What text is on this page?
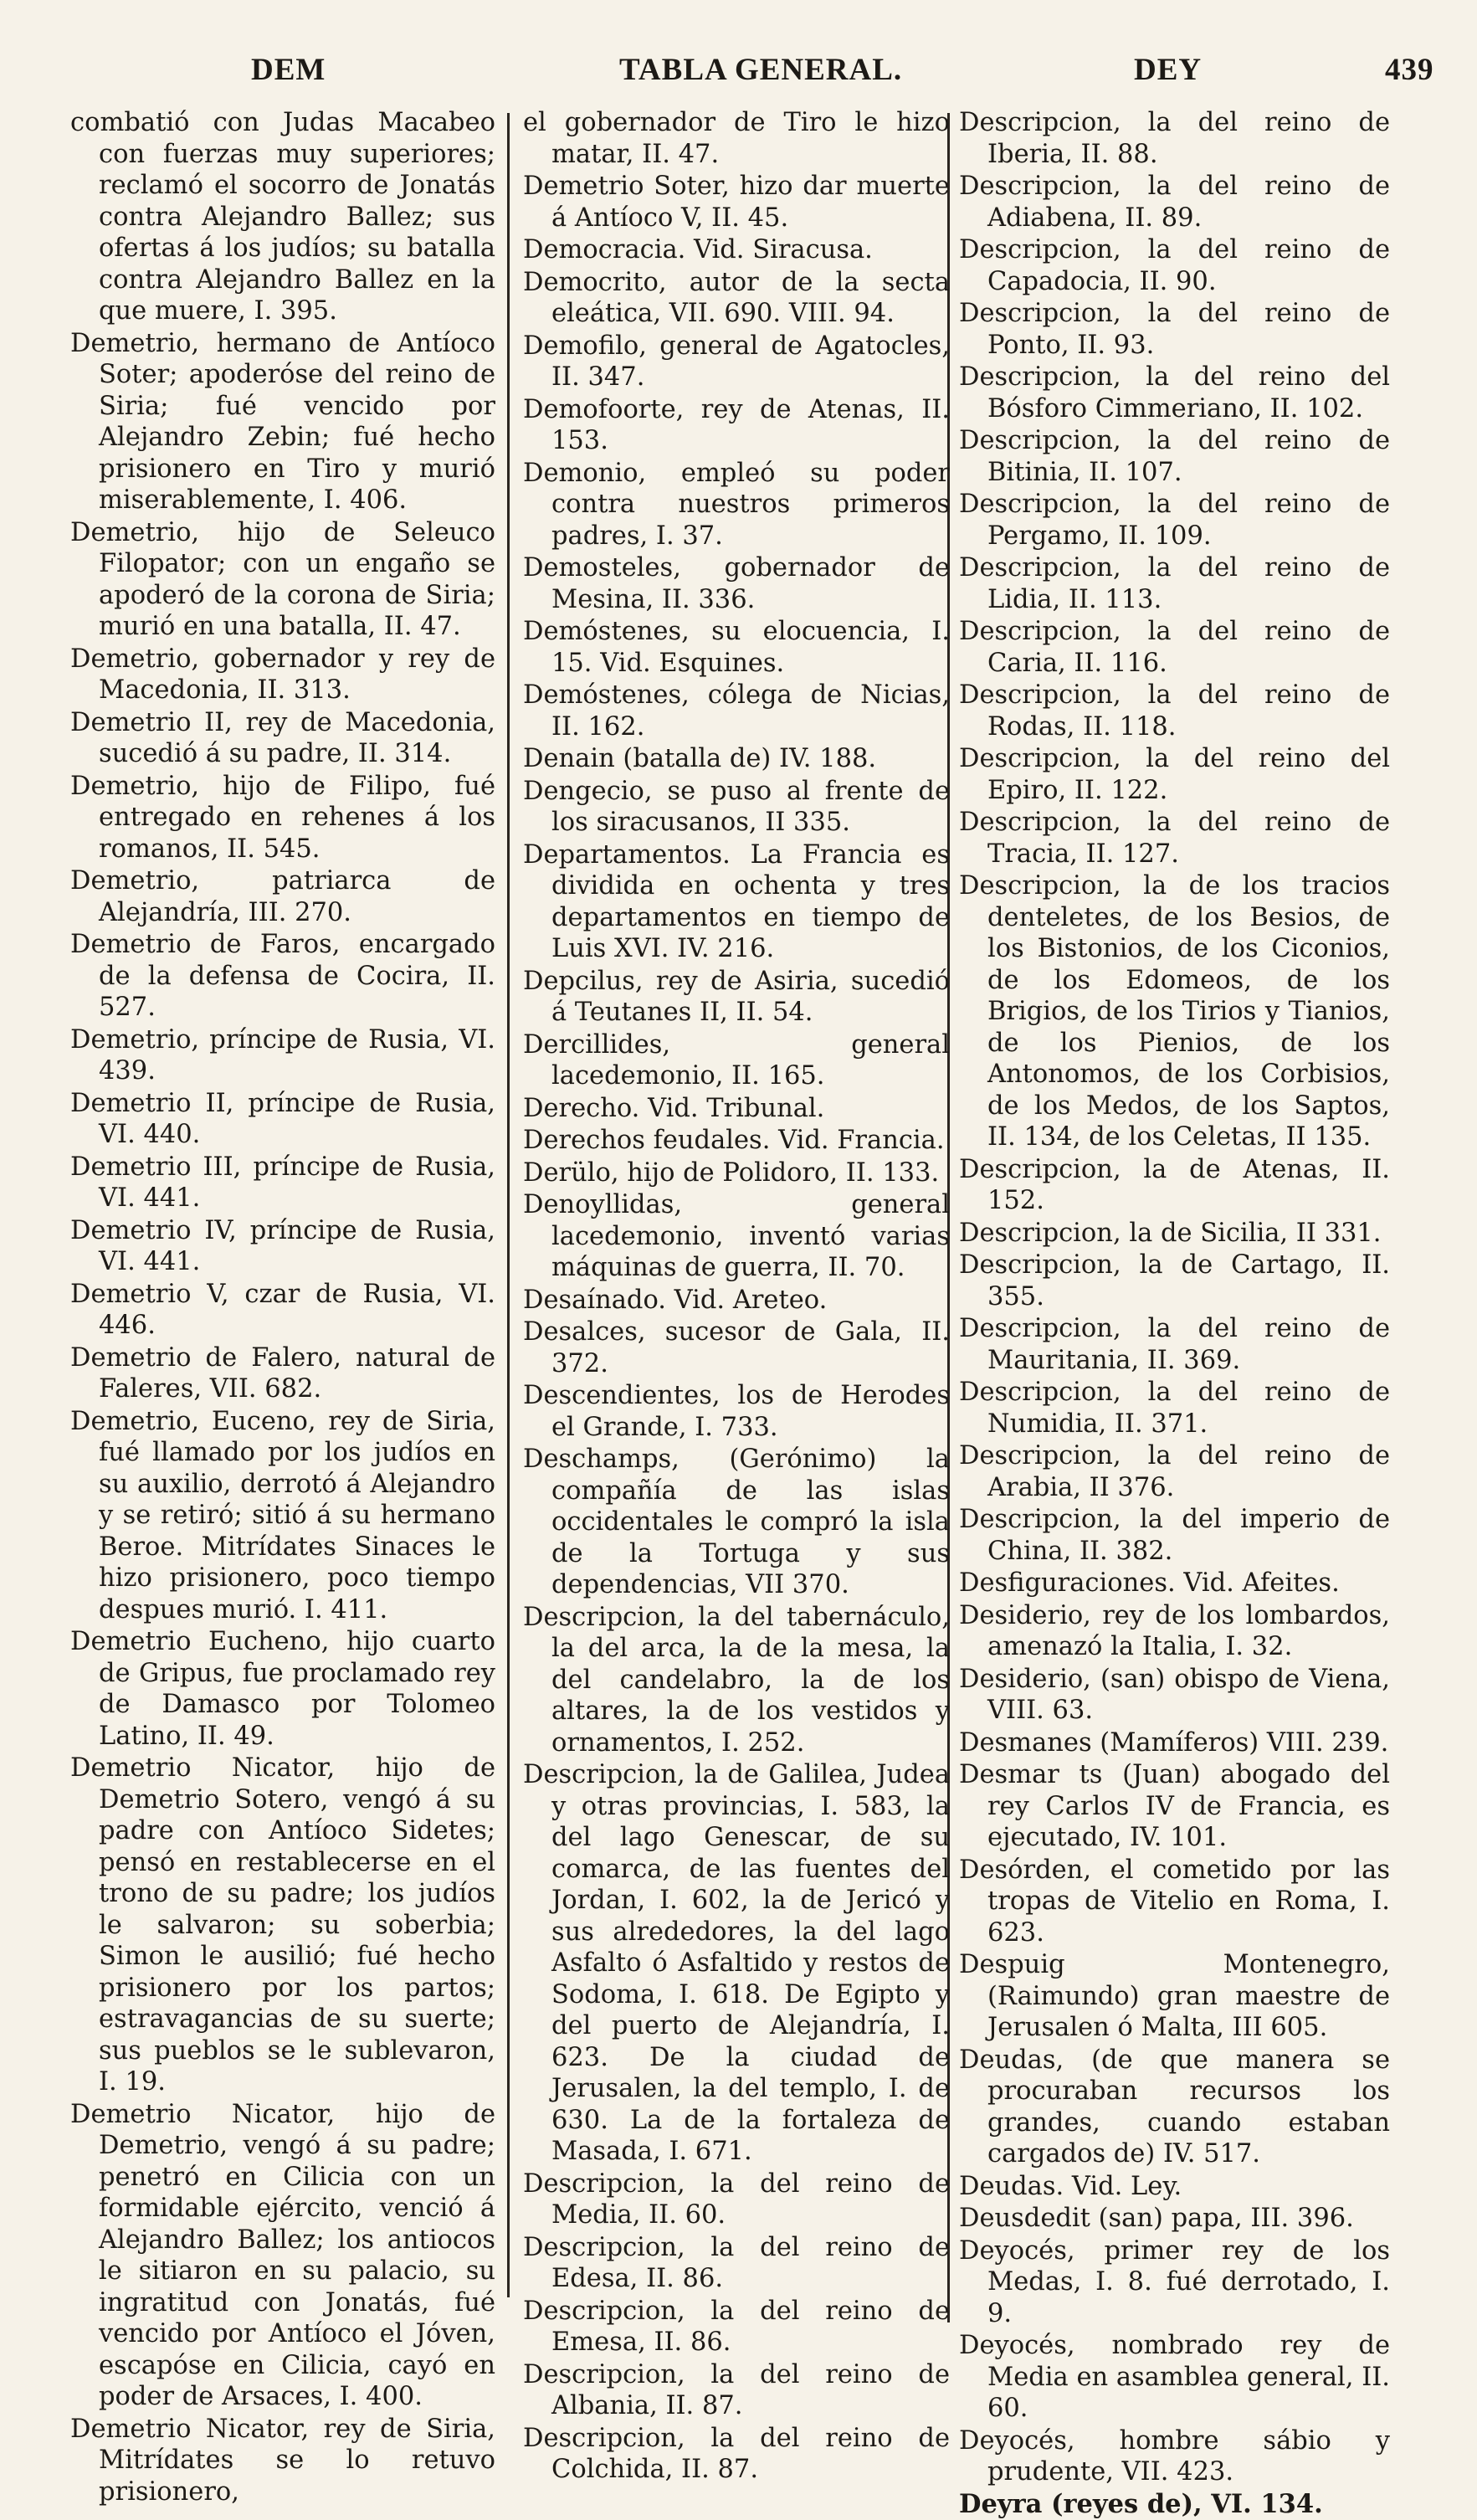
DEM	TABLA GENERAL.	DEY	439
combatió con Judas Macabeo con fuerzas muy superiores; reclamó el socorro de Jonatás contra Alejandro Ballez; sus ofertas á los judíos; su batalla contra Alejandro Ballez en la que muere, I. 395.
Demetrio, hermano de Antíoco Soter; apoderóse del reino de Siria; fué vencido por Alejandro Zebin; fué hecho prisionero en Tiro y murió miserablemente, I. 406.
Demetrio, hijo de Seleuco Filopator; con un engaño se apoderó de la corona de Siria; murió en una batalla, II. 47.
Demetrio, gobernador y rey de Macedonia, II. 313.
Demetrio II, rey de Macedonia, sucedió á su padre, II. 314.
Demetrio, hijo de Filipo, fué entregado en rehenes á los romanos, II. 545.
Demetrio, patriarca de Alejandría, III. 270.
Demetrio de Faros, encargado de la defensa de Cocira, II. 527.
Demetrio, príncipe de Rusia, VI. 439.
Demetrio II, príncipe de Rusia, VI. 440.
Demetrio III, príncipe de Rusia, VI. 441.
Demetrio IV, príncipe de Rusia, VI. 441.
Demetrio V, czar de Rusia, VI. 446.
Demetrio de Falero, natural de Faleres, VII. 682.
Demetrio, Euceno, rey de Siria, fué llamado por los judíos en su auxilio, derrotó á Alejandro y se retiró; sitió á su hermano Beroe. Mitrídates Sinaces le hizo prisionero, poco tiempo despues murió. I. 411.
Demetrio Euchenо, hijo cuarto de Gripus, fue proclamado rey de Damasco por Tolomeo Latino, II. 49.
Demetrio Nicator, hijo de Demetrio Sotero, vengó á su padre con Antíoco Sidetes; pensó en restablecerse en el trono de su padre; los judíos le salvaron; su soberbia; Simon le ausilió; fué hecho prisionero por los partos; estravagancias de su suerte; sus pueblos se le sublevaron, I. 19.
Demetrio Nicator, hijo de Demetrio, vengó á su padre; penetró en Cilicia con un formidable ejército, venció á Alejandro Ballez; los antiocos le sitiaron en su palacio, su ingratitud con Jonatás, fué vencido por Antíoco el Jóven, escapóse en Cilicia, cayó en poder de Arsaces, I. 400.
Demetrio Nicator, rey de Siria, Mitrídates se lo retuvo prisionero,
el gobernador de Tiro le hizo matar, II. 47.
Demetrio Soter, hizo dar muerte á Antíoco V, II. 45.
Democracia. Vid. Siracusa.
Democrito, autor de la secta eleática, VII. 690. VIII. 94.
Demofilo, general de Agatocles, II. 347.
Demofoorte, rey de Atenas, II. 153.
Demonio, empleó su poder contra nuestros primeros padres, I. 37.
Demosteles, gobernador de Mesina, II. 336.
Demóstenes, su elocuencia, I. 15. Vid. Esquines.
Demóstenes, cólega de Nicias, II. 162.
Denain (batalla de) IV. 188.
Dengecio, se puso al frente de los siracusanos, II 335.
Departamentos. La Francia es dividida en ochenta y tres departamentos en tiempo de Luis XVI. IV. 216.
Depcilus, rey de Asiria, sucedió á Teutanes II, II. 54.
Dercillides, general lacedemonio, II. 165.
Derecho. Vid. Tribunal.
Derechos feudales. Vid. Francia.
Derülo, hijo de Polidoro, II. 133.
Denoyllidas, general lacedemonio, inventó varias máquinas de guerra, II. 70.
Desaínado. Vid. Areteo.
Desalces, sucesor de Gala, II. 372.
Descendientes, los de Herodes el Grande, I. 733.
Deschamps, (Gerónimo) la compañía de las islas occidentales le compró la isla de la Tortuga y sus dependencias, VII 370.
Descripcion, la del tabernáculo, la del arca, la de la mesa, la del candelabro, la de los altares, la de los vestidos y ornamentos, I. 252.
Descripcion, la de Galilea, Judea y otras provincias, I. 583, la del lago Genescar, de su comarca, de las fuentes del Jordan, I. 602, la de Jericó y sus alrededores, la del lago Asfalto ó Asfaltido y restos de Sodoma, I. 618. De Egipto y del puerto de Alejandría, I. 623. De la ciudad de Jerusalen, la del templo, I. de 630. La de la fortaleza de Masada, I. 671.
Descripcion, la del reino de Media, II. 60.
Descripcion, la del reino de Edesa, II. 86.
Descripcion, la del reino de Emesa, II. 86.
Descripcion, la del reino de Albania, II. 87.
Descripcion, la del reino de Colchida, II. 87.
Descripcion, la del reino de Iberia, II. 88.
Descripcion, la del reino de Adiabena, II. 89.
Descripcion, la del reino de Capadocia, II. 90.
Descripcion, la del reino de Ponto, II. 93.
Descripcion, la del reino del Bósforo Cimmeriano, II. 102.
Descripcion, la del reino de Bitinia, II. 107.
Descripcion, la del reino de Pergamo, II. 109.
Descripcion, la del reino de Lidia, II. 113.
Descripcion, la del reino de Caria, II. 116.
Descripcion, la del reino de Rodas, II. 118.
Descripcion, la del reino del Epiro, II. 122.
Descripcion, la del reino de Tracia, II. 127.
Descripcion, la de los tracios denteletes, de los Besios, de los Bistonios, de los Ciconios, de los Edomeos, de los Brigios, de los Tirios y Tianios, de los Pienios, de los Antonomos, de los Corbisios, de los Medos, de los Saptos, II. 134, de los Celetas, II 135.
Descripcion, la de Atenas, II. 152.
Descripcion, la de Sicilia, II 331.
Descripcion, la de Cartago, II. 355.
Descripcion, la del reino de Mauritania, II. 369.
Descripcion, la del reino de Numidia, II. 371.
Descripcion, la del reino de Arabia, II 376.
Descripcion, la del imperio de China, II. 382.
Desfiguraciones. Vid. Afeites.
Desiderio, rey de los lombardos, amenazó la Italia, I. 32.
Desiderio, (san) obispo de Viena, VIII. 63.
Desmanes (Mamíferos) VIII. 239.
Desmar ts (Juan) abogado del rey Carlos IV de Francia, es ejecutado, IV. 101.
Desórden, el cometido por las tropas de Vitelio en Roma, I. 623.
Despuig Montenegro, (Raimundo) gran maestre de Jerusalen ó Malta, III 605.
Deudas, (de que manera se procuraban recursos los grandes, cuando estaban cargados de) IV. 517.
Deudas. Vid. Ley.
Deusdedit (san) papa, III. 396.
Deyocés, primer rey de los Medas, I. 8. fué derrotado, I. 9.
Deyocés, nombrado rey de Media en asamblea general, II. 60.
Deyocés, hombre sábio y prudente, VII. 423.
Deyra (reyes de), VI. 134.
